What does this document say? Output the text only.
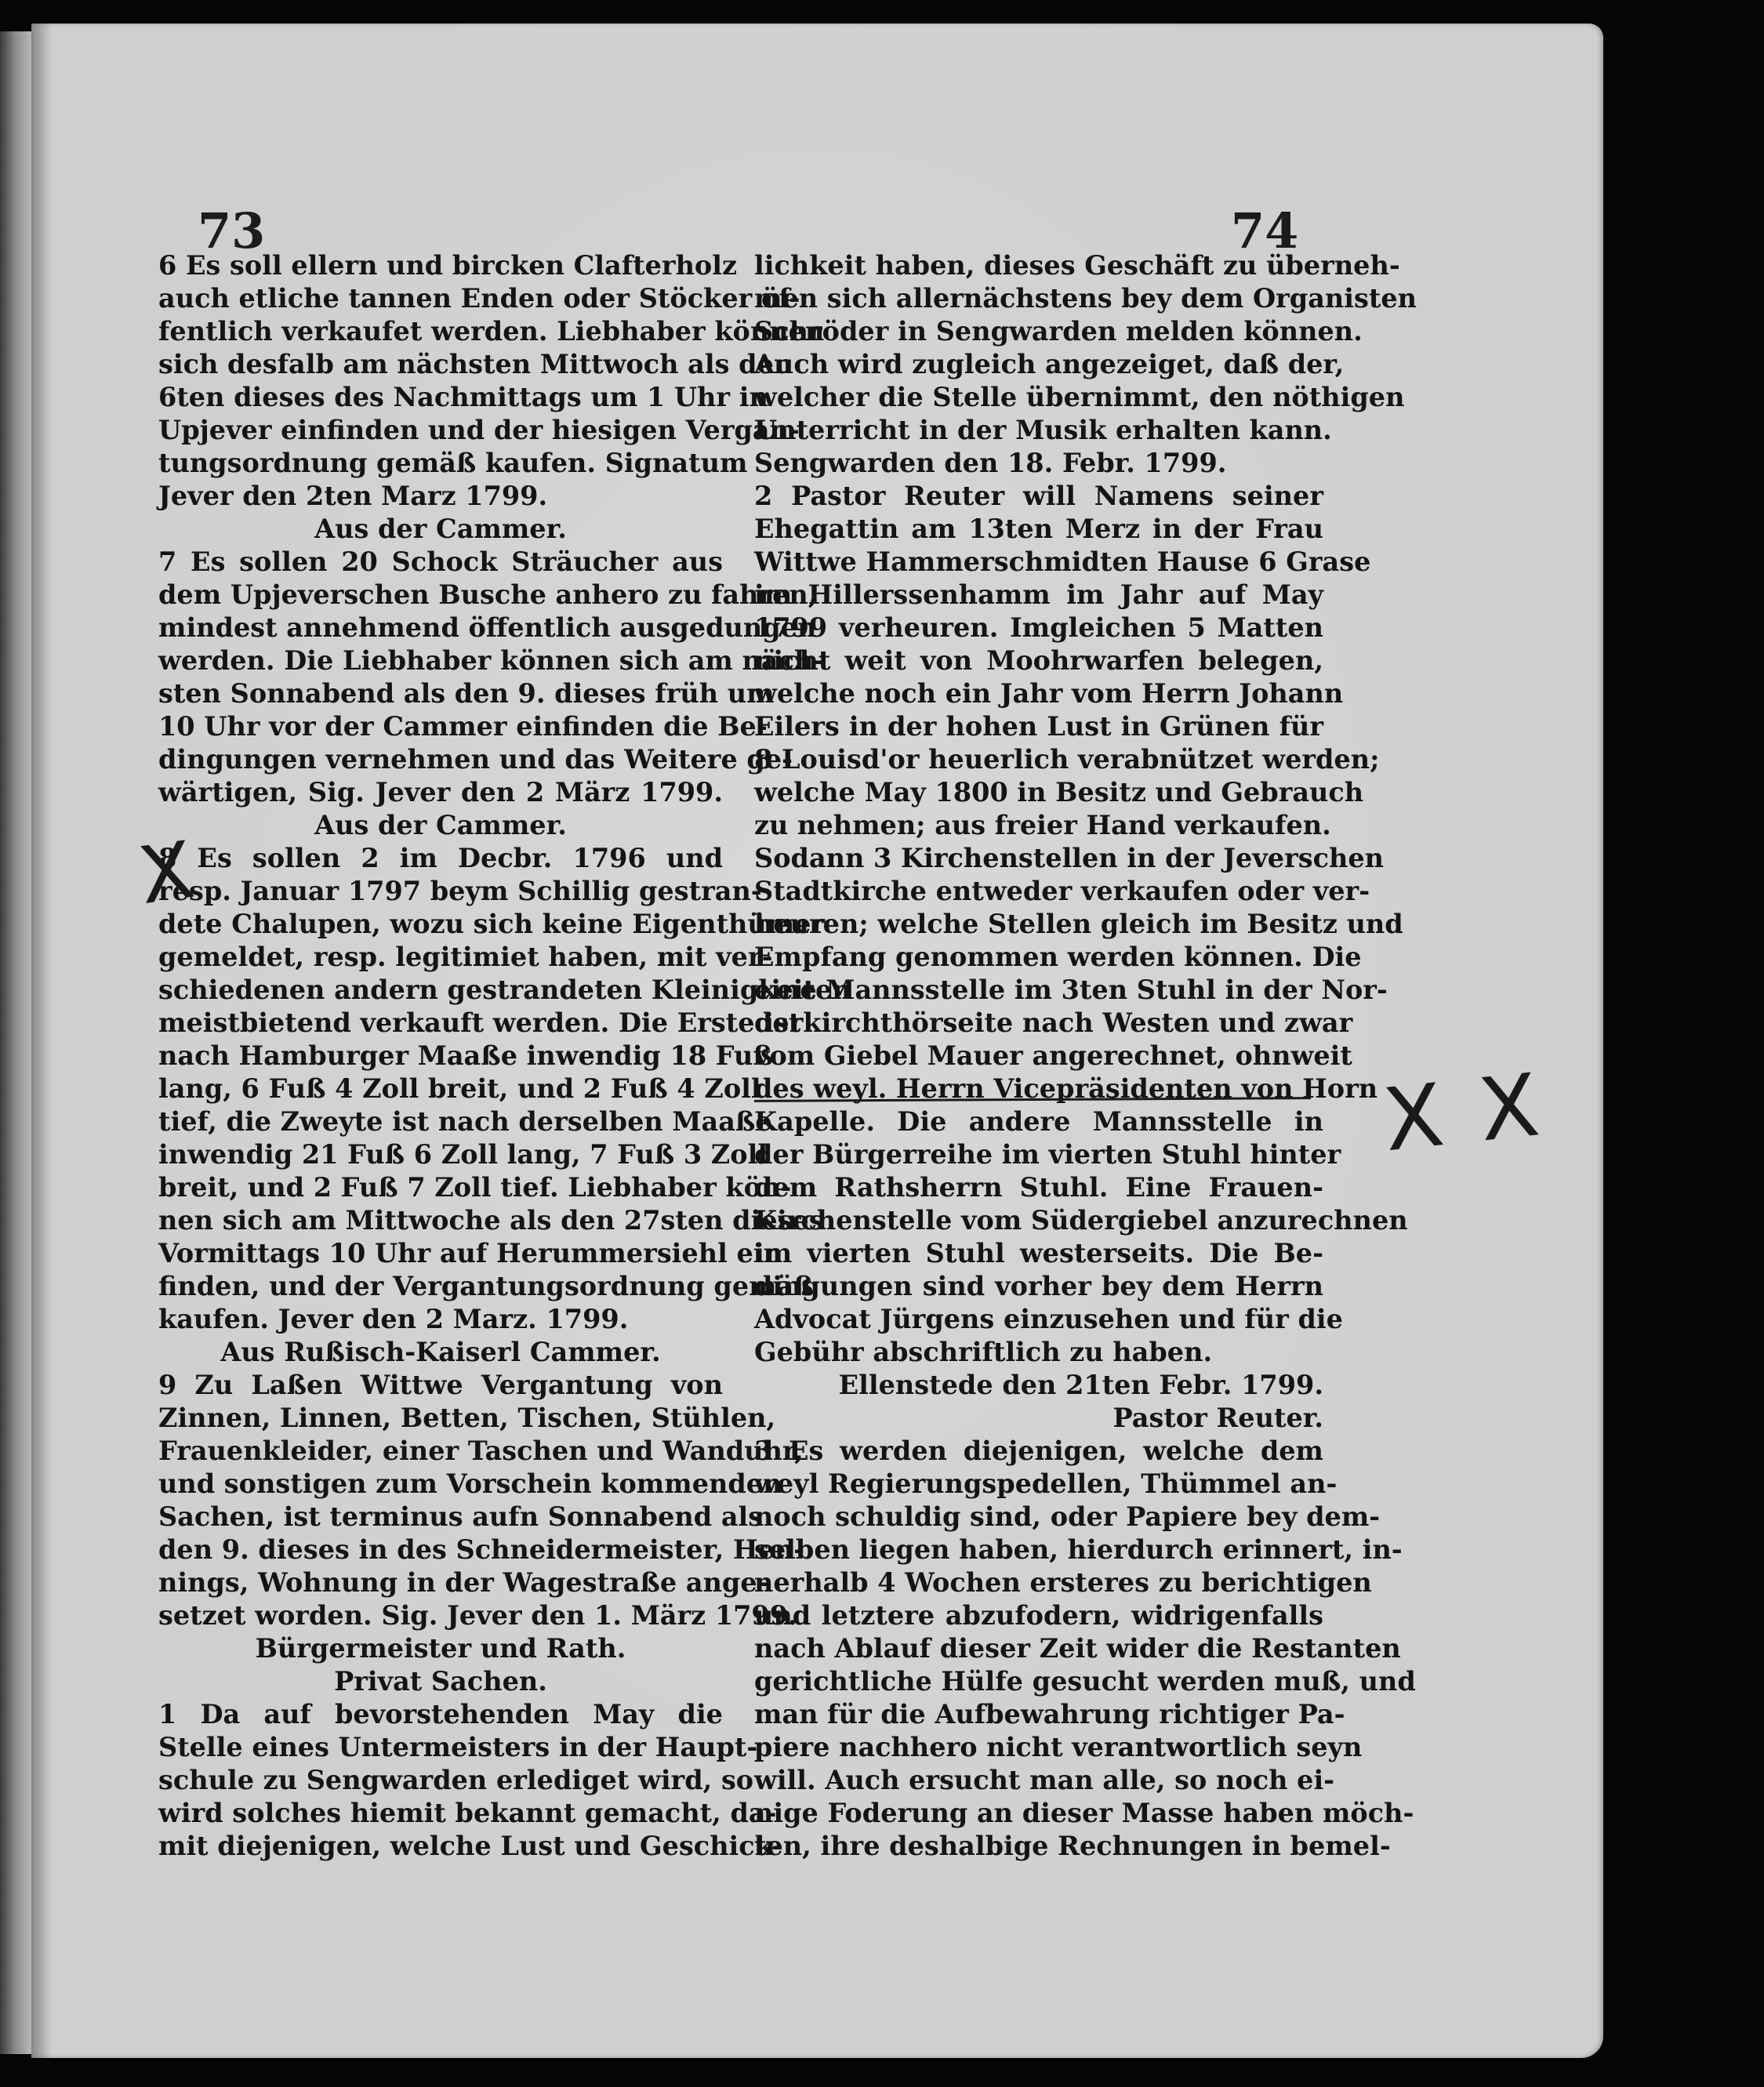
73	74
6 Es soll ellern und bircken Clafterholz
auch etliche tannen Enden oder Stöcker öf-
fentlich verkaufet werden. Liebhaber können
sich desfalb am nächsten Mittwoch als den
6ten dieses des Nachmittags um 1 Uhr in
Upjever einfinden und der hiesigen Vergan-
tungsordnung gemäß kaufen. Signatum
Jever den 2ten Marz 1799.
Aus der Cammer.
7 Es sollen 20 Schock Sträucher aus
dem Upjeverschen Busche anhero zu fahren,
mindest annehmend öffentlich ausgedungen
werden. Die Liebhaber können sich am näch-
sten Sonnabend als den 9. dieses früh um
10 Uhr vor der Cammer einfinden die Be-
dingungen vernehmen und das Weitere ge-
wärtigen, Sig. Jever den 2 März 1799.
Aus der Cammer.
8 Es sollen 2 im Decbr. 1796 und
resp. Januar 1797 beym Schillig gestran-
dete Chalupen, wozu sich keine Eigenthümer
gemeldet, resp. legitimiet haben, mit ver-
schiedenen andern gestrandeten Kleinigkeiten
meistbietend verkauft werden. Die Erste ist
nach Hamburger Maaße inwendig 18 Fuß
lang, 6 Fuß 4 Zoll breit, und 2 Fuß 4 Zoll
tief, die Zweyte ist nach derselben Maaße
inwendig 21 Fuß 6 Zoll lang, 7 Fuß 3 Zoll
breit, und 2 Fuß 7 Zoll tief. Liebhaber kön-
nen sich am Mittwoche als den 27sten dieses
Vormittags 10 Uhr auf Herummersiehl ein
finden, und der Vergantungsordnung gemäß
kaufen. Jever den 2 Marz. 1799.
Aus Rußisch-Kaiserl Cammer.
9 Zu Laßen Wittwe Vergantung von
Zinnen, Linnen, Betten, Tischen, Stühlen,
Frauenkleider, einer Taschen und Wanduhr,
und sonstigen zum Vorschein kommenden
Sachen, ist terminus aufn Sonnabend als
den 9. dieses in des Schneidermeister, Hen-
nings, Wohnung in der Wagestraße ange-
setzet worden. Sig. Jever den 1. März 1799.
Bürgermeister und Rath.
Privat Sachen.
1 Da auf bevorstehenden May die
Stelle eines Untermeisters in der Haupt-
schule zu Sengwarden erlediget wird, so
wird solches hiemit bekannt gemacht, da-
mit diejenigen, welche Lust und Geschick-
lichkeit haben, dieses Geschäft zu überneh-
men sich allernächstens bey dem Organisten
Schröder in Sengwarden melden können.
Auch wird zugleich angezeiget, daß der,
welcher die Stelle übernimmt, den nöthigen
Unterricht in der Musik erhalten kann.
Sengwarden den 18. Febr. 1799.
2 Pastor Reuter will Namens seiner
Ehegattin am 13ten Merz in der Frau
Wittwe Hammerschmidten Hause 6 Grase
im Hillerssenhamm im Jahr auf May
1799 verheuren. Imgleichen 5 Matten
nicht weit von Moohrwarfen belegen,
welche noch ein Jahr vom Herrn Johann
Eilers in der hohen Lust in Grünen für
8 Louisd'or heuerlich verabnützet werden;
welche May 1800 in Besitz und Gebrauch
zu nehmen; aus freier Hand verkaufen.
Sodann 3 Kirchenstellen in der Jeverschen
Stadtkirche entweder verkaufen oder ver-
heuren; welche Stellen gleich im Besitz und
Empfang genommen werden können. Die
eine Mannsstelle im 3ten Stuhl in der Nor-
derkirchthörseite nach Westen und zwar
vom Giebel Mauer angerechnet, ohnweit
des weyl. Herrn Vicepräsidenten von Horn
Kapelle. Die andere Mannsstelle in
der Bürgerreihe im vierten Stuhl hinter
dem Rathsherrn Stuhl. Eine Frauen-
Kirchenstelle vom Südergiebel anzurechnen
im vierten Stuhl westerseits. Die Be-
dingungen sind vorher bey dem Herrn
Advocat Jürgens einzusehen und für die
Gebühr abschriftlich zu haben.
Ellenstede den 21ten Febr. 1799.
Pastor Reuter.
3 Es werden diejenigen, welche dem
weyl Regierungspedellen, Thümmel an-
noch schuldig sind, oder Papiere bey dem-
selben liegen haben, hierdurch erinnert, in-
nerhalb 4 Wochen ersteres zu berichtigen
und letztere abzufodern, widrigenfalls
nach Ablauf dieser Zeit wider die Restanten
gerichtliche Hülfe gesucht werden muß, und
man für die Aufbewahrung richtiger Pa-
piere nachhero nicht verantwortlich seyn
will. Auch ersucht man alle, so noch ei-
nige Foderung an dieser Masse haben möch-
ten, ihre deshalbige Rechnungen in bemel-
X
X X
